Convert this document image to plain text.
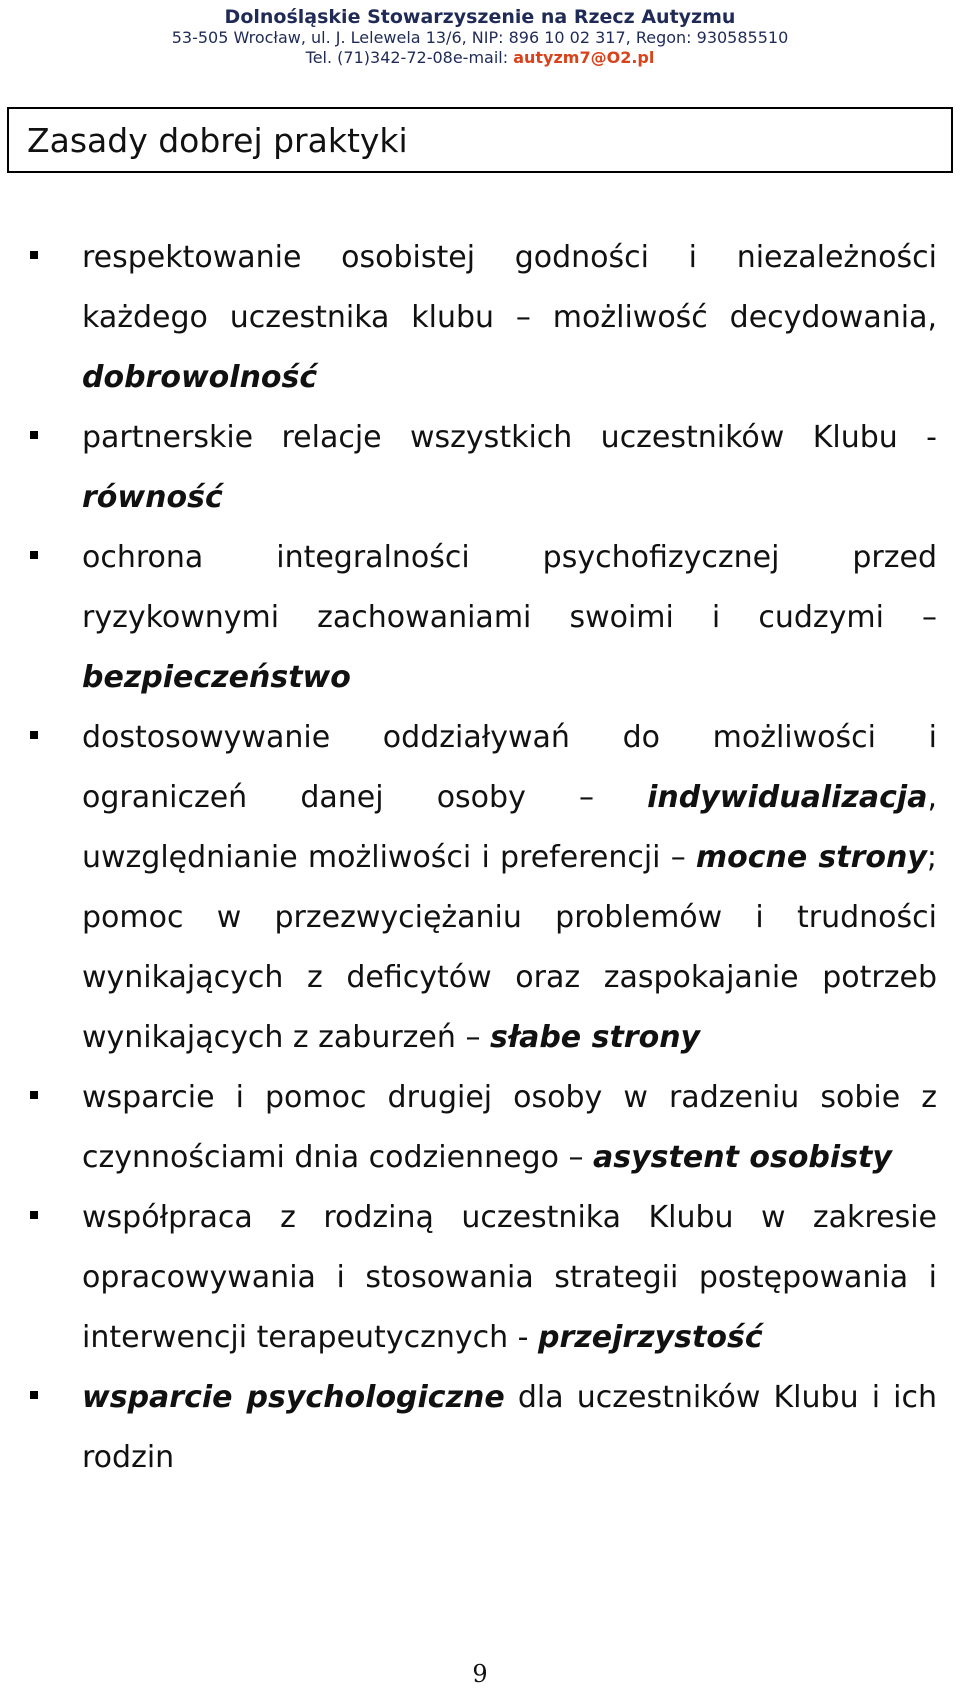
Dolnośląskie Stowarzyszenie na Rzecz Autyzmu
53-505 Wrocław, ul. J. Lelewela 13/6, NIP: 896 10 02 317, Regon: 930585510
Tel. (71)342-72-08e-mail: autyzm7@O2.pl
Zasady dobrej praktyki
respektowanie osobistej godności i niezależności każdego uczestnika klubu – możliwość decydowania, dobrowolność
partnerskie relacje wszystkich uczestników Klubu - równość
ochrona integralności psychofizycznej przed ryzykownymi zachowaniami swoimi i cudzymi – bezpieczeństwo
dostosowywanie oddziaływań do możliwości i ograniczeń danej osoby – indywidualizacja, uwzględnianie możliwości i preferencji – mocne strony; pomoc w przezwyciężaniu problemów i trudności wynikających z deficytów oraz zaspokajanie potrzeb wynikających z zaburzeń – słabe strony
wsparcie i pomoc drugiej osoby w radzeniu sobie z czynnościami dnia codziennego – asystent osobisty
współpraca z rodziną uczestnika Klubu w zakresie opracowywania i stosowania strategii postępowania i interwencji terapeutycznych - przejrzystość
wsparcie psychologiczne dla uczestników Klubu i ich rodzin
9
